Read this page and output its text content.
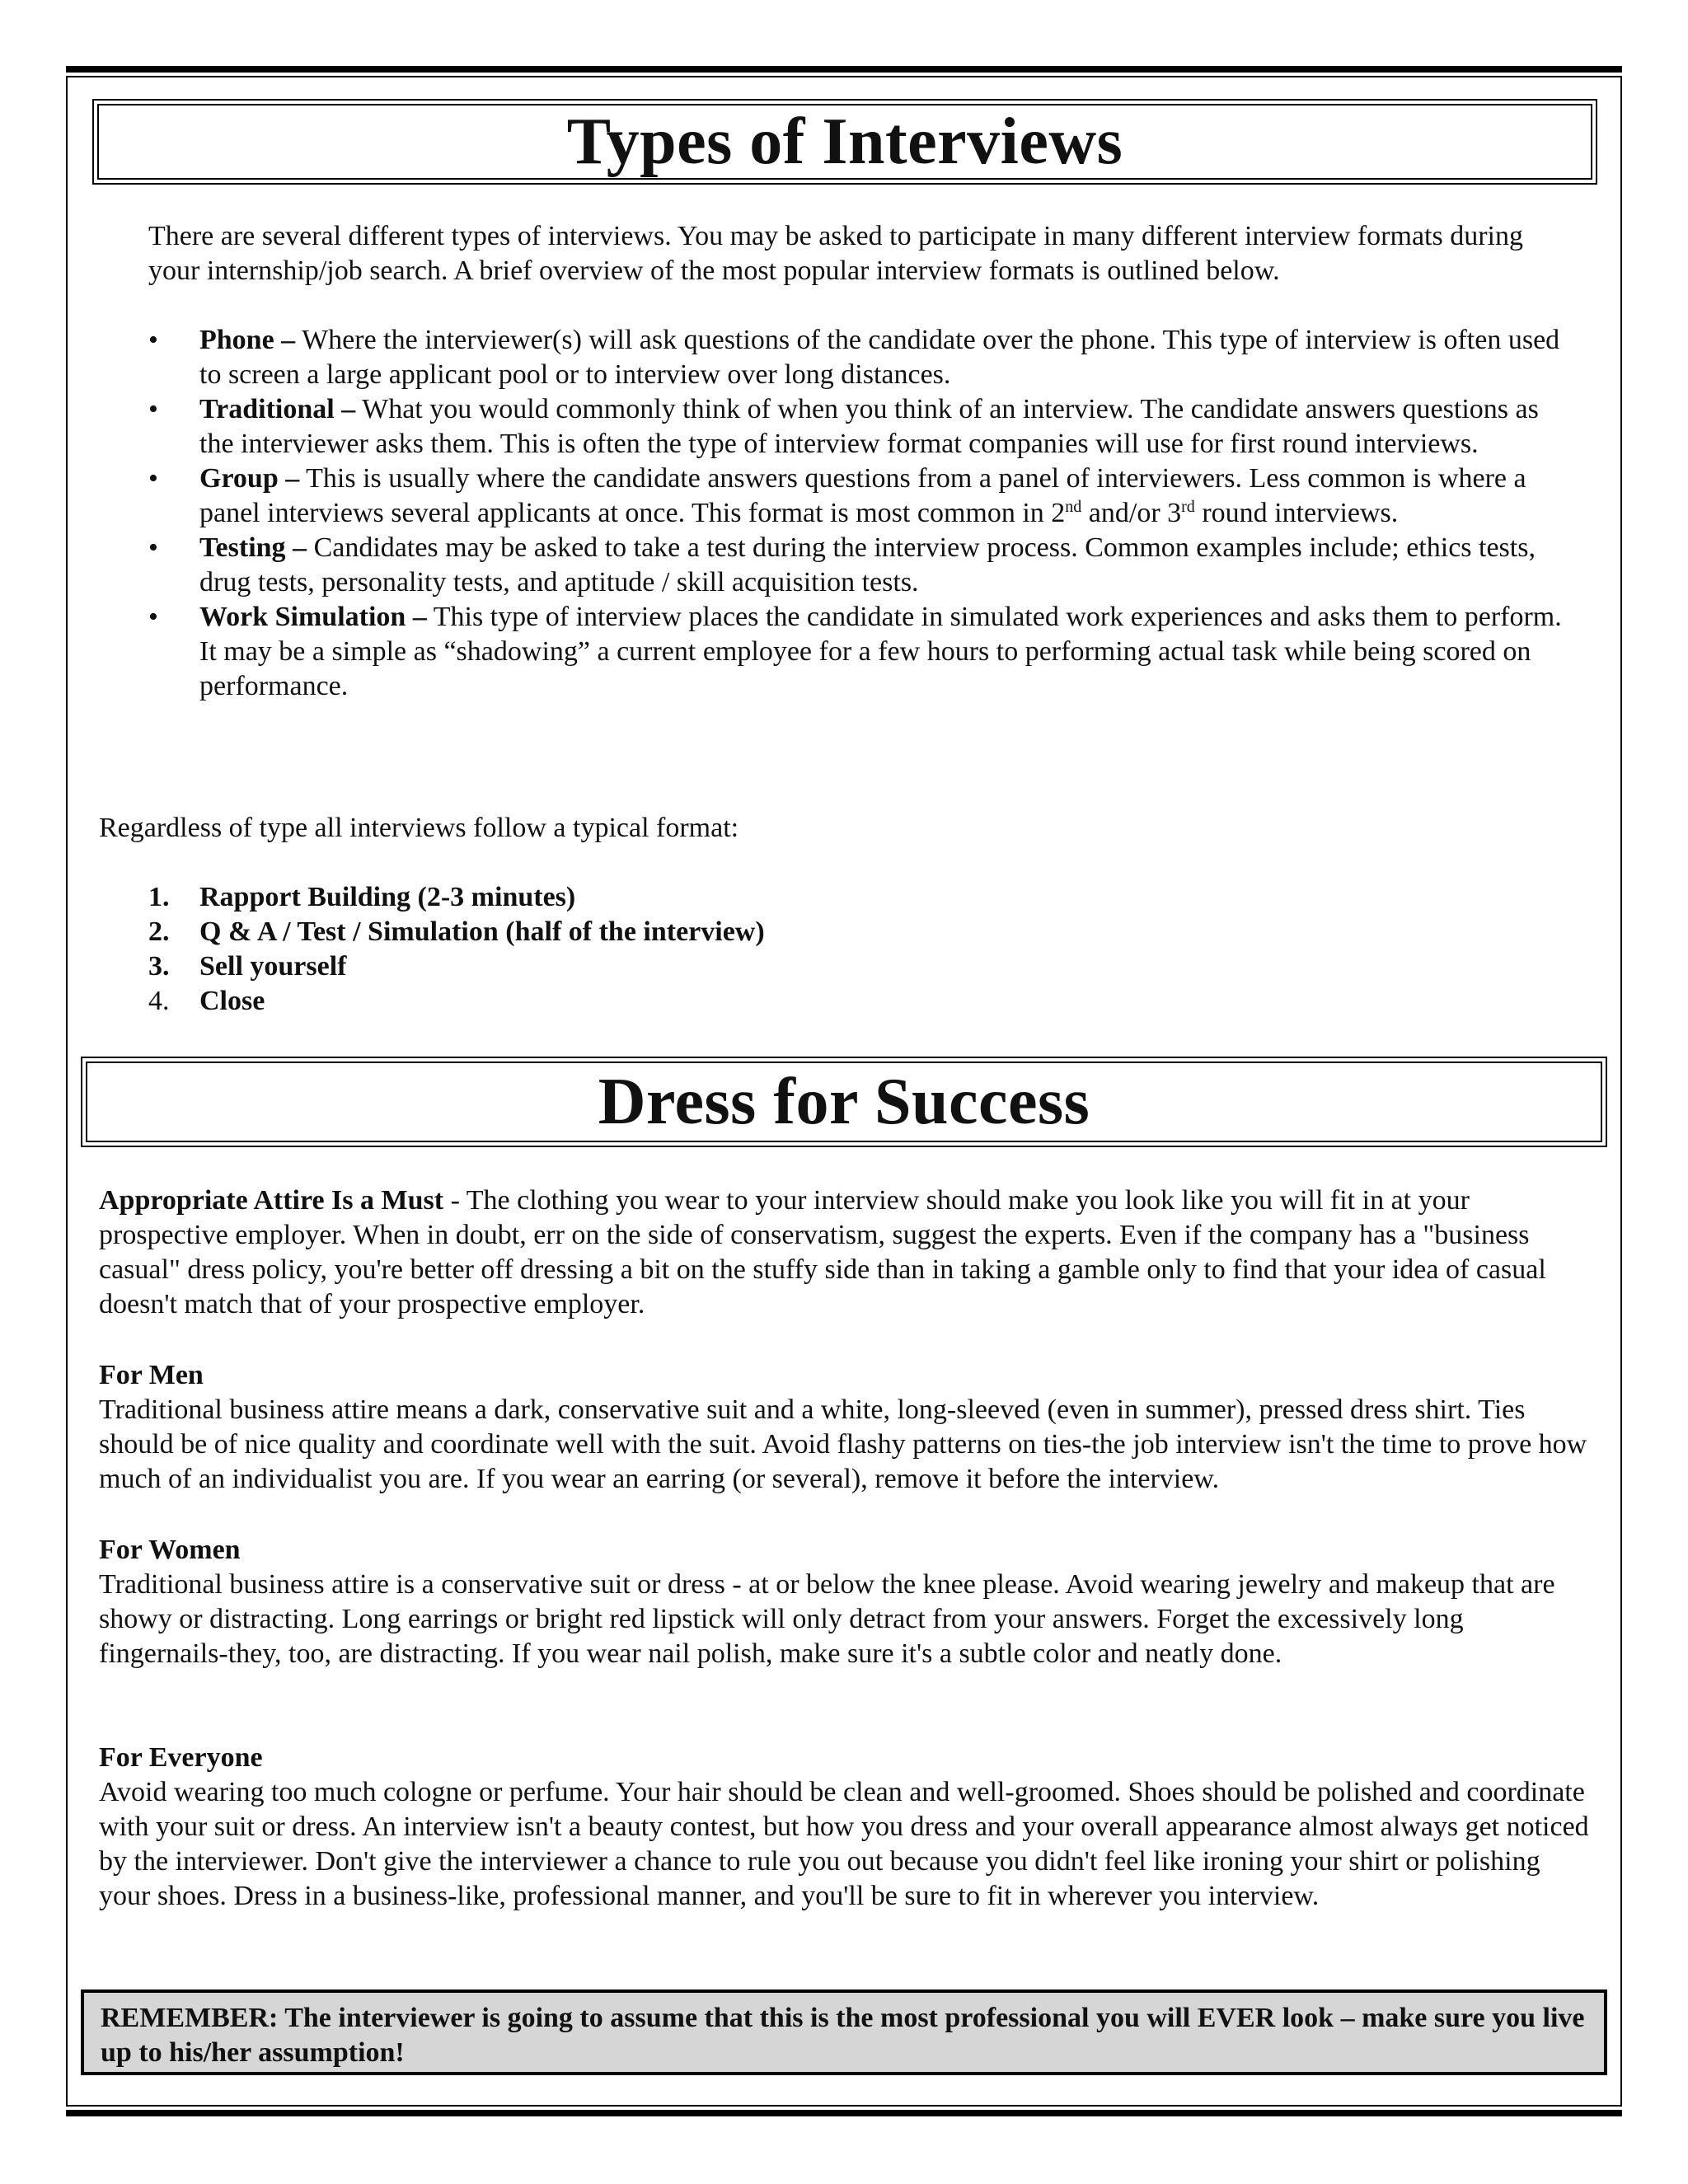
Types of Interviews

There are several different types of interviews. You may be asked to participate in many different interview formats during your internship/job search. A brief overview of the most popular interview formats is outlined below.

• Phone – Where the interviewer(s) will ask questions of the candidate over the phone. This type of interview is often used to screen a large applicant pool or to interview over long distances.
• Traditional – What you would commonly think of when you think of an interview. The candidate answers questions as the interviewer asks them. This is often the type of interview format companies will use for first round interviews.
• Group – This is usually where the candidate answers questions from a panel of interviewers. Less common is where a panel interviews several applicants at once. This format is most common in 2nd and/or 3rd round interviews.
• Testing – Candidates may be asked to take a test during the interview process. Common examples include; ethics tests, drug tests, personality tests, and aptitude / skill acquisition tests.
• Work Simulation – This type of interview places the candidate in simulated work experiences and asks them to perform. It may be a simple as “shadowing” a current employee for a few hours to performing actual task while being scored on performance.

Regardless of type all interviews follow a typical format:

1. Rapport Building (2-3 minutes)
2. Q & A / Test / Simulation (half of the interview)
3. Sell yourself
4. Close
Dress for Success

Appropriate Attire Is a Must - The clothing you wear to your interview should make you look like you will fit in at your prospective employer. When in doubt, err on the side of conservatism, suggest the experts. Even if the company has a "business casual" dress policy, you're better off dressing a bit on the stuffy side than in taking a gamble only to find that your idea of casual doesn't match that of your prospective employer.

For Men

Traditional business attire means a dark, conservative suit and a white, long-sleeved (even in summer), pressed dress shirt. Ties should be of nice quality and coordinate well with the suit. Avoid flashy patterns on ties-the job interview isn't the time to prove how much of an individualist you are. If you wear an earring (or several), remove it before the interview.

For Women

Traditional business attire is a conservative suit or dress - at or below the knee please. Avoid wearing jewelry and makeup that are showy or distracting. Long earrings or bright red lipstick will only detract from your answers. Forget the excessively long fingernails-they, too, are distracting. If you wear nail polish, make sure it's a subtle color and neatly done.

For Everyone

Avoid wearing too much cologne or perfume. Your hair should be clean and well-groomed. Shoes should be polished and coordinate with your suit or dress. An interview isn't a beauty contest, but how you dress and your overall appearance almost always get noticed by the interviewer. Don't give the interviewer a chance to rule you out because you didn't feel like ironing your shirt or polishing your shoes. Dress in a business-like, professional manner, and you'll be sure to fit in wherever you interview.

REMEMBER: The interviewer is going to assume that this is the most professional you will EVER look – make sure you live up to his/her assumption!
